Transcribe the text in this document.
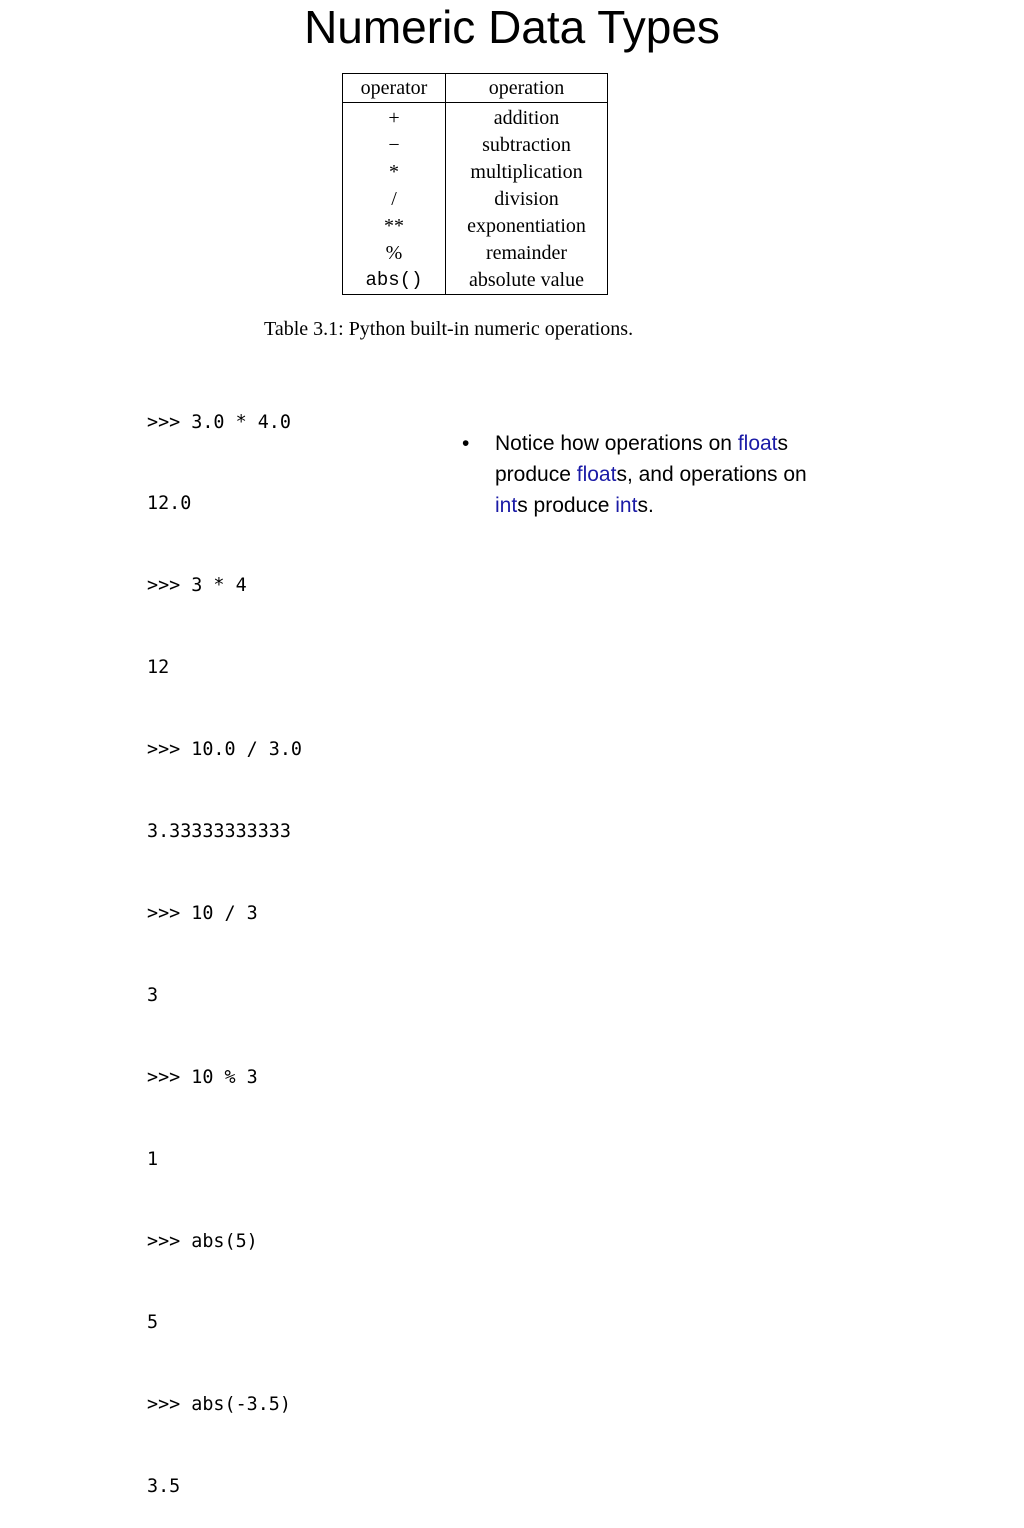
Numeric Data Types
operator	operation
+	addition
−	subtraction
*	multiplication
/	division
**	exponentiation
%	remainder
abs()	absolute value
Table 3.1: Python built-in numeric operations.

>>> 3.0 * 4.0

12.0

>>> 3 * 4

12

>>> 10.0 / 3.0

3.33333333333

>>> 10 / 3

3

>>> 10 % 3

1

>>> abs(5)

5

>>> abs(-3.5)

3.5

• Notice how operations on floats produce floats, and operations on ints produce ints.
